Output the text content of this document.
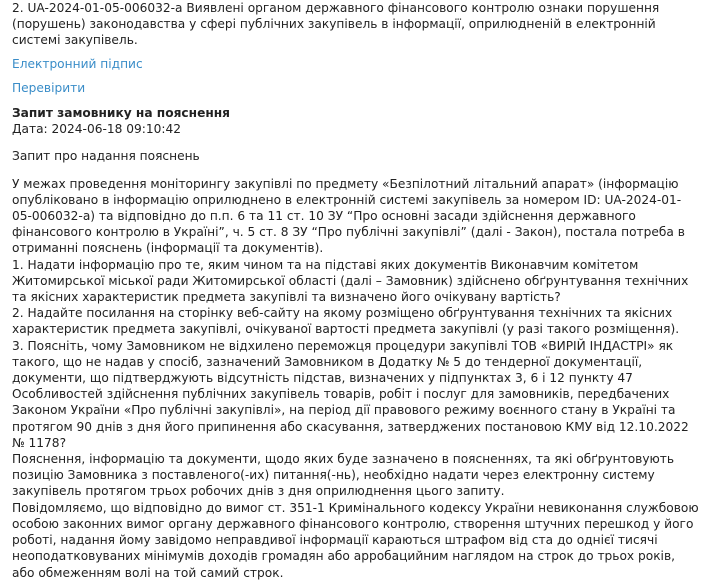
2. UA-2024-01-05-006032-a Виявлені органом державного фінансового контролю ознаки порушення (порушень) законодавства у сфері публічних закупівель в інформації, оприлюдненій в електронній системі закупівель.
Електронний підпис
Перевірити
Запит замовнику на пояснення
Дата: 2024-06-18 09:10:42
Запит про надання пояснень

У межах проведення моніторингу закупівлі по предмету «Безпілотний літальний апарат» (інформацію опубліковано в інформацію оприлюднено в електронній системі закупівель за номером ID: UA-2024-01-05-006032-а) та відповідно до п.п. 6 та 11 ст. 10 ЗУ “Про основні засади здійснення державного фінансового контролю в Україні”, ч. 5 ст. 8 ЗУ “Про публічні закупівлі” (далі - Закон), постала потреба в отриманні пояснень (інформації та документів).

1. Надати інформацію про те, яким чином та на підставі яких документів Виконавчим комітетом Житомирської міської ради Житомирської області (далі – Замовник) здійснено обґрунтування технічних та якісних характеристик предмета закупівлі та визначено його очікувану вартість?

2. Надайте посилання на сторінку веб-сайту на якому розміщено обґрунтування технічних та якісних характеристик предмета закупівлі, очікуваної вартості предмета закупівлі (у разі такого розміщення).

3. Поясніть, чому Замовником не відхилено переможця процедури закупівлі ТОВ «ВИРІЙ ІНДАСТРІ» як такого, що не надав у спосіб, зазначений Замовником в Додатку № 5 до тендерної документації, документи, що підтверджують відсутність підстав, визначених у підпунктах 3, 6 і 12 пункту 47 Особливостей здійснення публічних закупівель товарів, робіт і послуг для замовників, передбачених Законом України «Про публічні закупівлі», на період дії правового режиму воєнного стану в Україні та протягом 90 днів з дня його припинення або скасування, затверджених постановою КМУ від 12.10.2022 № 1178?

Пояснення, інформацію та документи, щодо яких буде зазначено в поясненнях, та які обґрунтовують позицію Замовника з поставленого(-их) питання(-нь), необхідно надати через електронну систему закупівель протягом трьох робочих днів з дня оприлюднення цього запиту.

Повідомляємо, що відповідно до вимог ст. 351-1 Кримінального кодексу України невиконання службовою особою законних вимог органу державного фінансового контролю, створення штучних перешкод у його роботі, надання йому завідомо неправдивої інформації караються штрафом від ста до однієї тисячі неоподатковуваних мінімумів доходів громадян або арробацийним наглядом на строк до трьох років, або обмеженням волі на той самий строк.
